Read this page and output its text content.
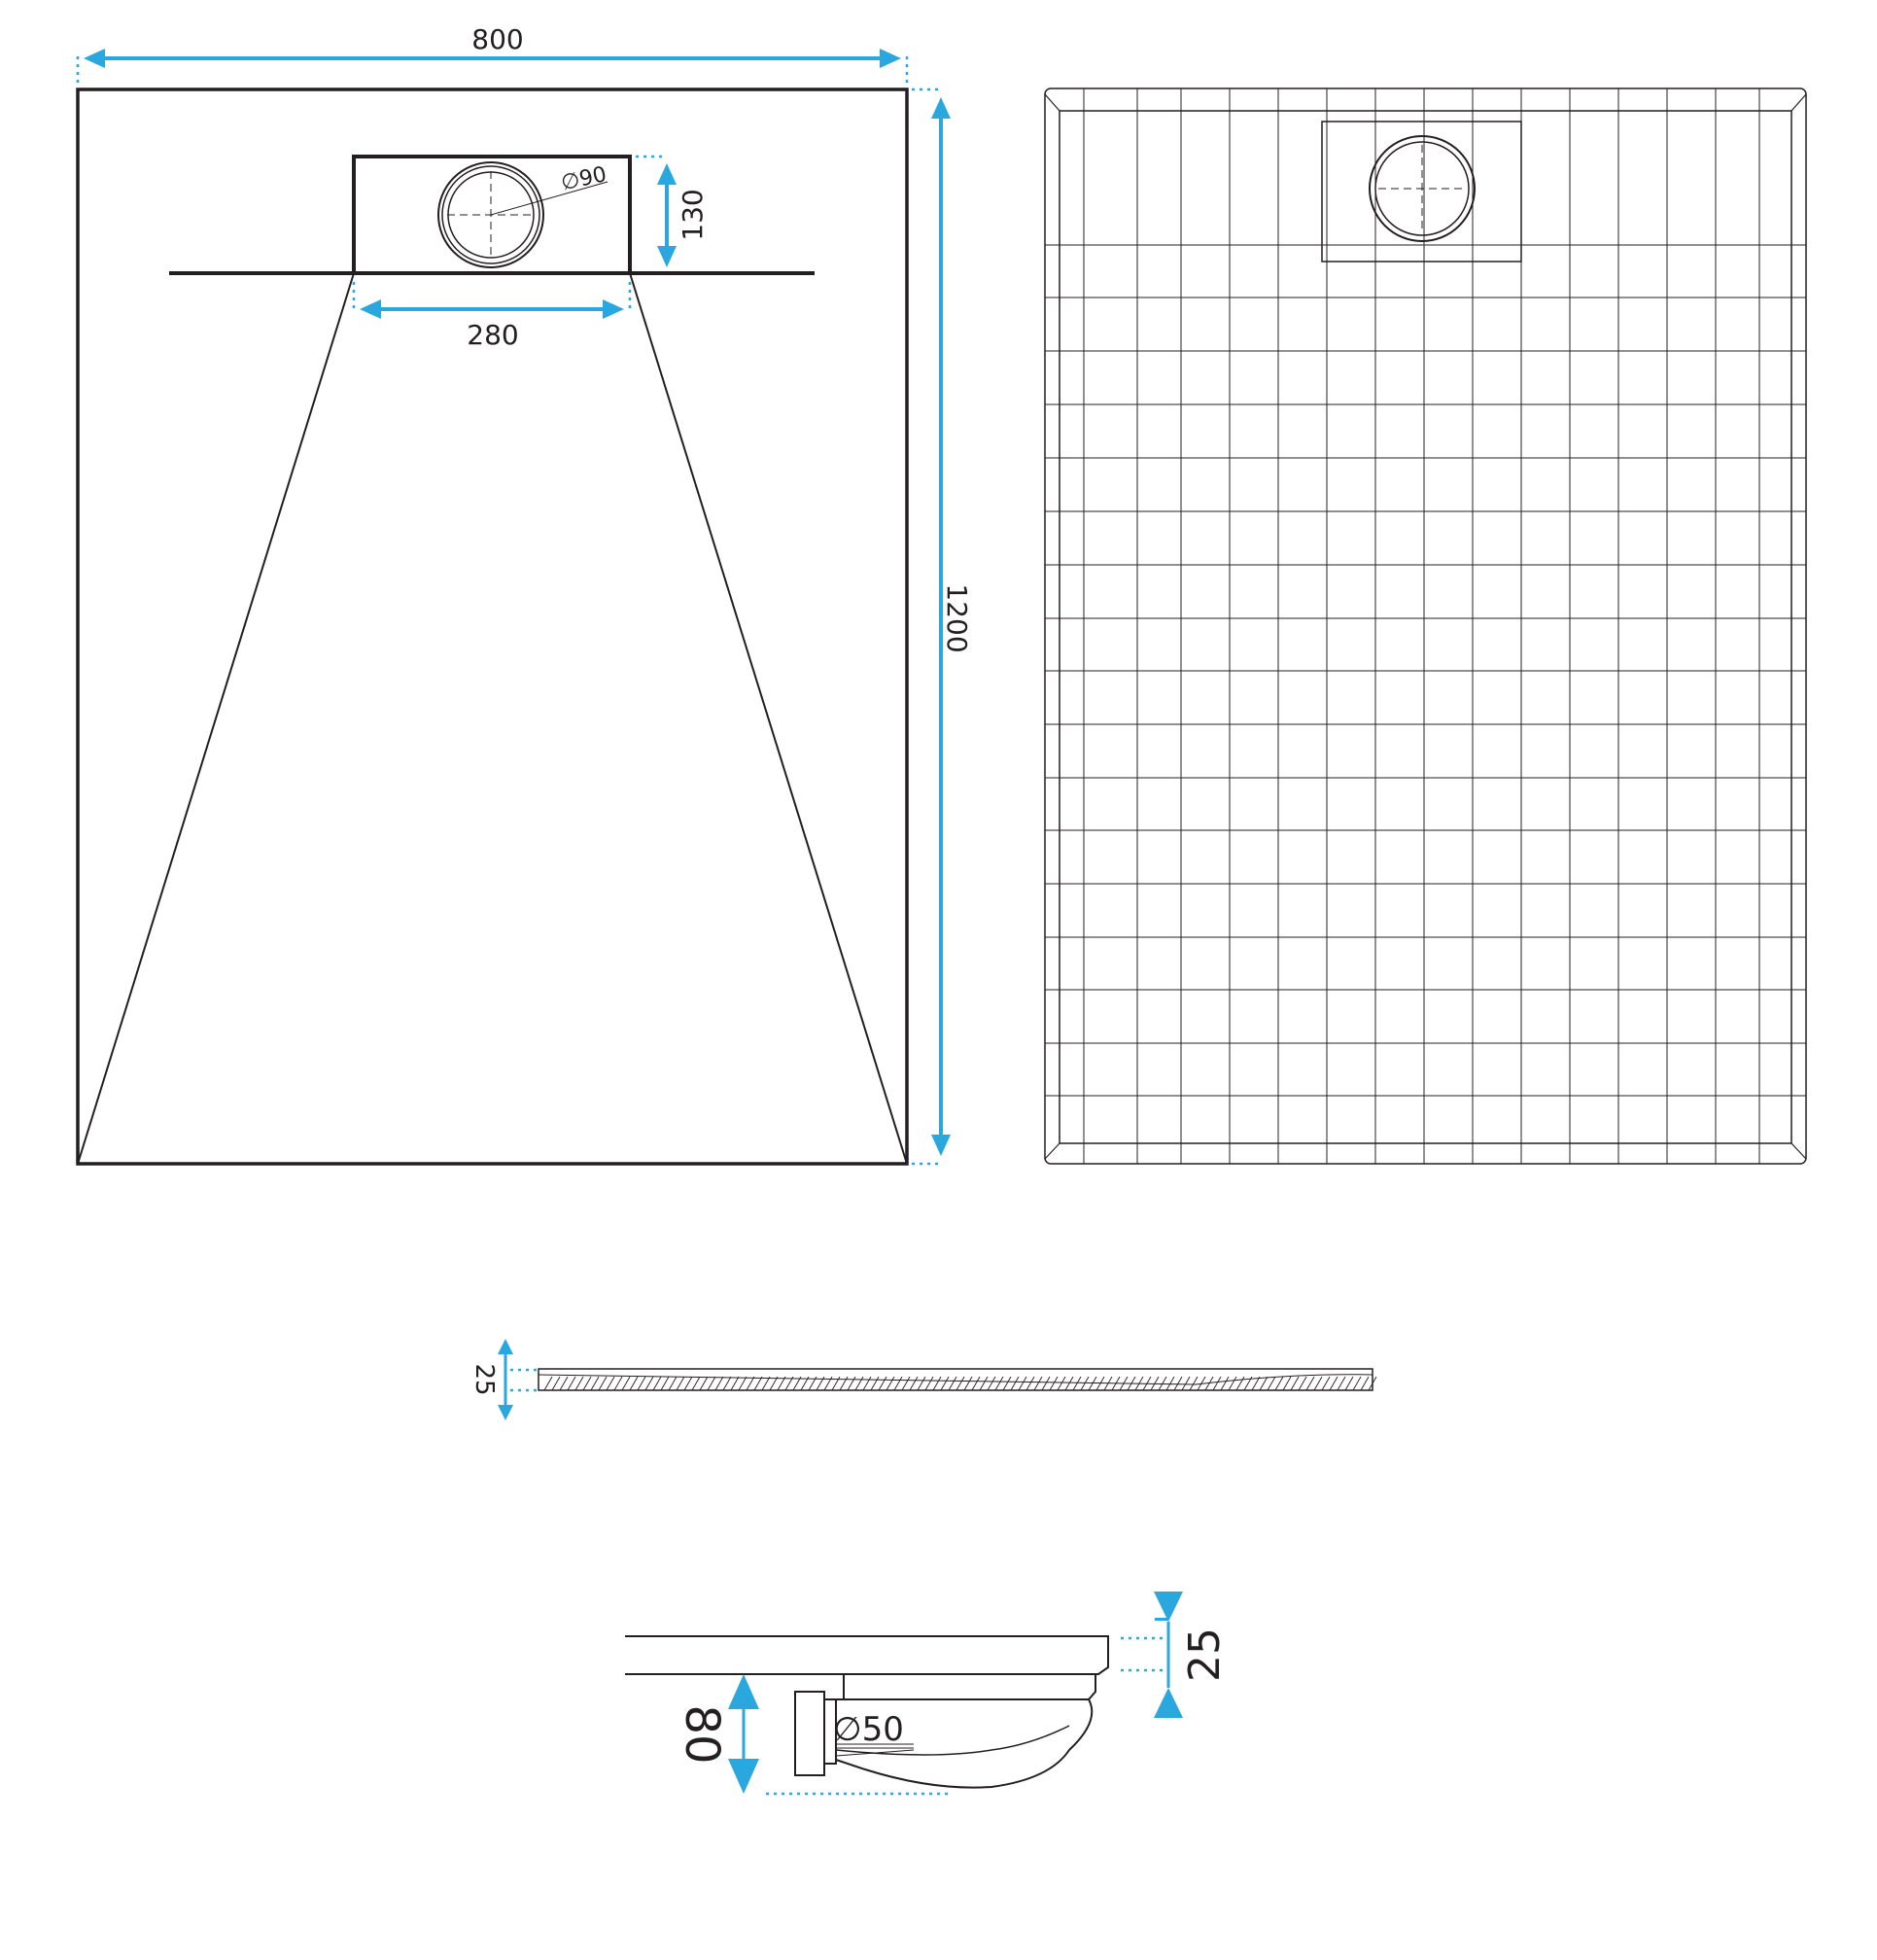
∅90
800
1200
280
130
25
∅50
25
80
